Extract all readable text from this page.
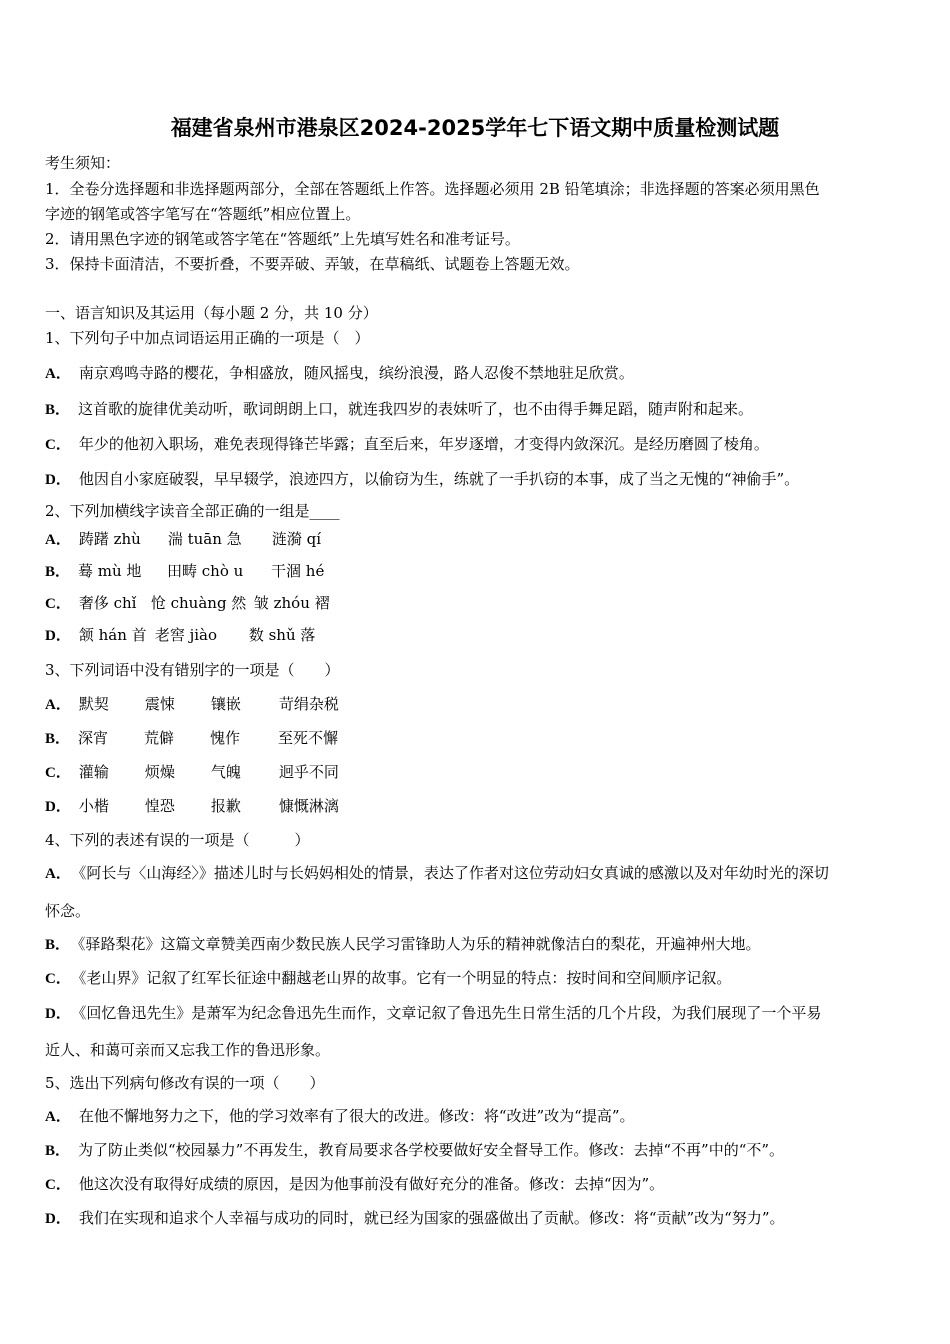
福建省泉州市港泉区2024-2025学年七下语文期中质量检测试题
考生须知：
1．全卷分选择题和非选择题两部分，全部在答题纸上作答。选择题必须用 2B 铅笔填涂；非选择题的答案必须用黑色
字迹的钢笔或答字笔写在“答题纸”相应位置上。
2．请用黑色字迹的钢笔或答字笔在“答题纸”上先填写姓名和准考证号。
3．保持卡面清洁，不要折叠，不要弄破、弄皱，在草稿纸、试题卷上答题无效。
一、语言知识及其运用（每小题 2 分，共 10 分）
1、下列句子中加点词语运用正确的一项是（　）
A． 南京鸡鸣寺路的樱花，争相盛放，随风摇曳，缤纷浪漫，路人忍俊不禁地驻足欣赏。
B． 这首歌的旋律优美动听，歌词朗朗上口，就连我四岁的表妹听了，也不由得手舞足蹈，随声附和起来。
C． 年少的他初入职场，难免表现得锋芒毕露；直至后来，年岁逐增，才变得内敛深沉。是经历磨圆了棱角。
D． 他因自小家庭破裂，早早辍学，浪迹四方，以偷窃为生，练就了一手扒窃的本事，成了当之无愧的“神偷手”。
2、下列加横线字读音全部正确的一组是____
A． 踌躇 zhù 湍 tuān 急 涟漪 qí
B． 蓦 mù 地 田畴 chò u 干涸 hé
C． 奢侈 chǐ 怆 chuàng 然 皱 zhóu 褶
D． 颔 hán 首 老窖 jiào 数 shǔ 落
3、下列词语中没有错别字的一项是（　　）
A． 默契 震悚 镶嵌	苛绢杂税
B． 深宵 荒僻 愧作	至死不懈
C． 灌输 烦燥 气魄	迥乎不同
D． 小楷 惶恐 报歉	慷慨淋漓
4、下列的表述有误的一项是（　　　）
A． 《阿长与〈山海经〉》描述儿时与长妈妈相处的情景，表达了作者对这位劳动妇女真诚的感激以及对年幼时光的深切
怀念。
B． 《驿路梨花》这篇文章赞美西南少数民族人民学习雷锋助人为乐的精神就像洁白的梨花，开遍神州大地。
C． 《老山界》记叙了红军长征途中翻越老山界的故事。它有一个明显的特点：按时间和空间顺序记叙。
D． 《回忆鲁迅先生》是萧军为纪念鲁迅先生而作，文章记叙了鲁迅先生日常生活的几个片段，为我们展现了一个平易
近人、和蔼可亲而又忘我工作的鲁迅形象。
5、选出下列病句修改有误的一项（　　）
A． 在他不懈地努力之下，他的学习效率有了很大的改进。修改：将“改进”改为“提高”。
B． 为了防止类似“校园暴力”不再发生，教育局要求各学校要做好安全督导工作。修改：去掉“不再”中的“不”。
C． 他这次没有取得好成绩的原因，是因为他事前没有做好充分的准备。修改：去掉“因为”。
D． 我们在实现和追求个人幸福与成功的同时，就已经为国家的强盛做出了贡献。修改：将“贡献”改为“努力”。
